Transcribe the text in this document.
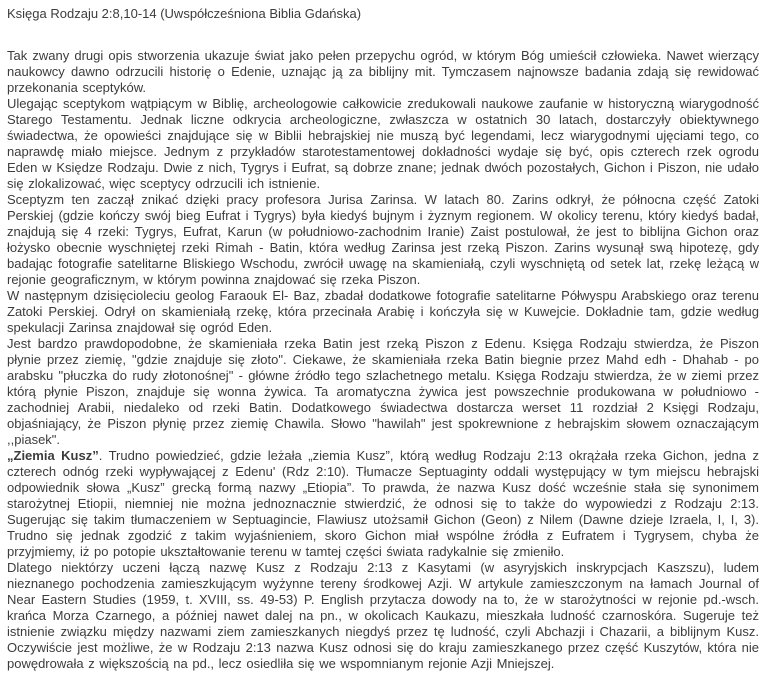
Księga Rodzaju 2:8,10-14 (Uwspółcześniona Biblia Gdańska)

Tak zwany drugi opis stworzenia ukazuje świat jako pełen przepychu ogród, w którym Bóg umieścił człowieka. Nawet wierzący naukowcy dawno odrzucili historię o Edenie, uznając ją za biblijny mit. Tymczasem najnowsze badania zdają się rewidować przekonania sceptyków.

Ulegając sceptykom wątpiącym w Biblię, archeologowie całkowicie zredukowali naukowe zaufanie w historyczną wiarygodność Starego Testamentu. Jednak liczne odkrycia archeologiczne, zwłaszcza w ostatnich 30 latach, dostarczyły obiektywnego świadectwa, że opowieści znajdujące się w Biblii hebrajskiej nie muszą być legendami, lecz wiarygodnymi ujęciami tego, co naprawdę miało miejsce. Jednym z przykładów starotestamentowej dokładności wydaje się być, opis czterech rzek ogrodu Eden w Księdze Rodzaju. Dwie z nich, Tygrys i Eufrat, są dobrze znane; jednak dwóch pozostałych, Gichon i Piszon, nie udało się zlokalizować, więc sceptycy odrzucili ich istnienie.

Sceptyzm ten zaczął znikać dzięki pracy profesora Jurisa Zarinsa. W latach 80. Zarins odkrył, że północna część Zatoki Perskiej (gdzie kończy swój bieg Eufrat i Tygrys) była kiedyś bujnym i żyznym regionem. W okolicy terenu, który kiedyś badał, znajdują się 4 rzeki: Tygrys, Eufrat, Karun (w południowo-zachodnim Iranie) Zaist postulował, że jest to biblijna Gichon oraz łożysko obecnie wyschniętej rzeki Rimah - Batin, która według Zarinsa jest rzeką Piszon. Zarins wysunął swą hipotezę, gdy badając fotografie satelitarne Bliskiego Wschodu, zwrócił uwagę na skamieniałą, czyli wyschniętą od setek lat, rzekę leżącą w rejonie geograficznym, w którym powinna znajdować się rzeka Piszon.

W następnym dzisięcioleciu geolog Faraouk El- Baz, zbadał dodatkowe fotografie satelitarne Półwyspu Arabskiego oraz terenu Zatoki Perskiej. Odrył on skamieniałą rzekę, która przecinała Arabię i kończyła się w Kuwejcie. Dokładnie tam, gdzie według spekulacji Zarinsa znajdował się ogród Eden.

Jest bardzo prawdopodobne, że skamieniała rzeka Batin jest rzeką Piszon z Edenu. Księga Rodzaju stwierdza, że Piszon płynie przez ziemię, "gdzie znajduje się złoto". Ciekawe, że skamieniała rzeka Batin biegnie przez Mahd edh - Dhahab - po arabsku "płuczka do rudy złotonośnej" - główne źródło tego szlachetnego metalu. Księga Rodzaju stwierdza, że w ziemi przez którą płynie Piszon, znajduje się wonna żywica. Ta aromatyczna żywica jest powszechnie produkowana w południowo - zachodniej Arabii, niedaleko od rzeki Batin. Dodatkowego świadectwa dostarcza werset 11 rozdział 2 Księgi Rodzaju, objaśniający, że Piszon płynię przez ziemię Chawila. Słowo "hawilah" jest spokrewnione z hebrajskim słowem oznaczającym ,,piasek".

„Ziemia Kusz”. Trudno powiedzieć, gdzie leżała „ziemia Kusz”, którą według Rodzaju 2:13 okrążała rzeka Gichon, jedna z czterech odnóg rzeki wypływającej z Edenu' (Rdz 2:10). Tłumacze Septuaginty oddali występujący w tym miejscu hebrajski odpowiednik słowa „Kusz” grecką formą nazwy „Etiopia”. To prawda, że nazwa Kusz dość wcześnie stała się synonimem starożytnej Etiopii, niemniej nie można jednoznacznie stwierdzić, że odnosi się to także do wypowiedzi z Rodzaju 2:13. Sugerując się takim tłumaczeniem w Septuagincie, Flawiusz utożsamił Gichon (Geon) z Nilem (Dawne dzieje Izraela, I, I, 3). Trudno się jednak zgodzić z takim wyjaśnieniem, skoro Gichon miał wspólne źródła z Eufratem i Tygrysem, chyba że przyjmiemy, iż po potopie ukształtowanie terenu w tamtej części świata radykalnie się zmieniło.

Dlatego niektórzy uczeni łączą nazwę Kusz z Rodzaju 2:13 z Kasytami (w asyryjskich inskrypcjach Kaszszu), ludem nieznanego pochodzenia zamieszkującym wyżynne tereny środkowej Azji. W artykule zamieszczonym na łamach Journal of Near Eastern Studies (1959, t. XVIII, ss. 49-53) P. English przytacza dowody na to, że w starożytności w rejonie pd.-wsch. krańca Morza Czarnego, a później nawet dalej na pn., w okolicach Kaukazu, mieszkała ludność czarnoskóra. Sugeruje też istnienie związku między nazwami ziem zamieszkanych niegdyś przez tę ludność, czyli Abchazji i Chazarii, a biblijnym Kusz. Oczywiście jest możliwe, że w Rodzaju 2:13 nazwa Kusz odnosi się do kraju zamieszkanego przez część Kuszytów, która nie powędrowała z większością na pd., lecz osiedliła się we wspomnianym rejonie Azji Mniejszej.
